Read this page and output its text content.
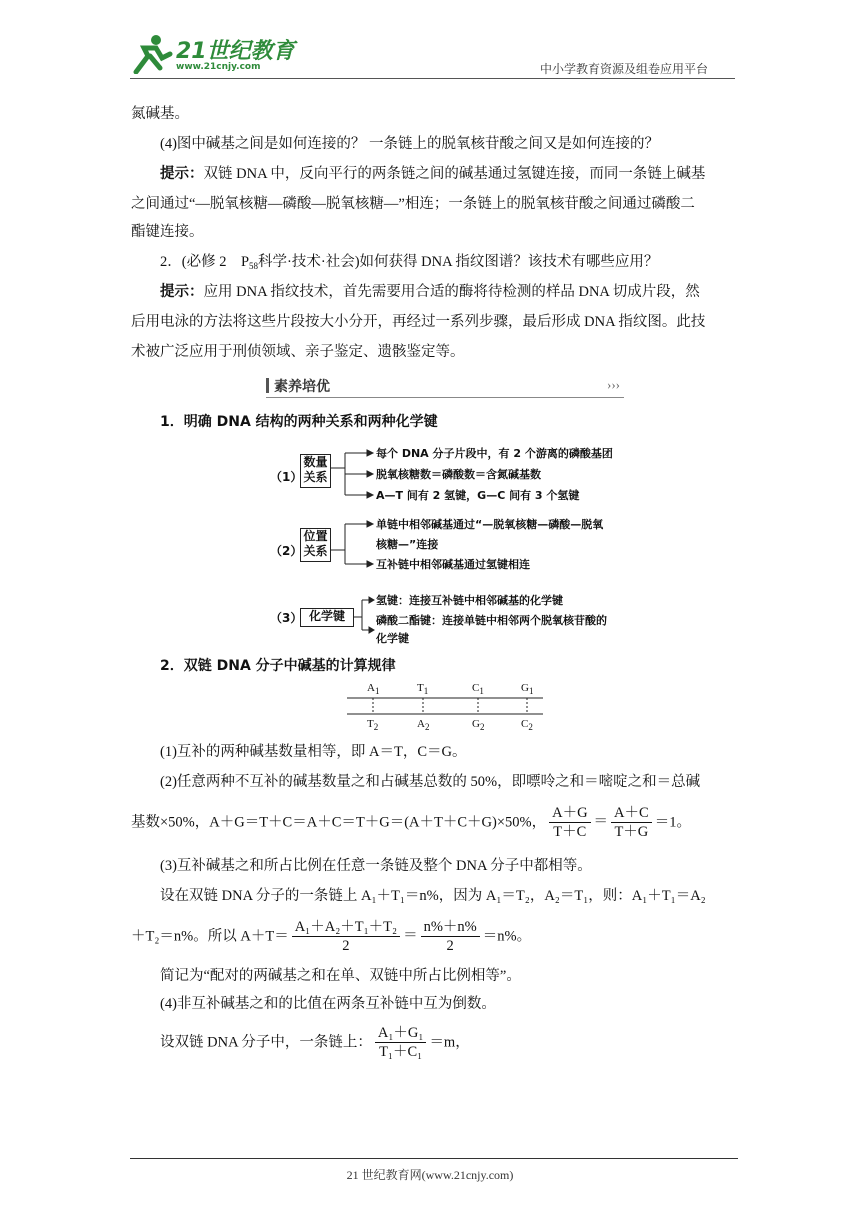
21世纪教育
www.21cnjy.com	中小学教育资源及组卷应用平台
氮碱基。
(4)图中碱基之间是如何连接的？ 一条链上的脱氧核苷酸之间又是如何连接的？
提示：双链 DNA 中，反向平行的两条链之间的碱基通过氢键连接，而同一条链上碱基
之间通过“—脱氧核糖—磷酸—脱氧核糖—”相连；一条链上的脱氧核苷酸之间通过磷酸二
酯键连接。
2．(必修 2　$P_{58}$科学·技术·社会)如何获得 DNA 指纹图谱？该技术有哪些应用？
提示：应用 DNA 指纹技术，首先需要用合适的酶将待检测的样品 DNA 切成片段，然
后用电泳的方法将这些片段按大小分开，再经过一系列步骤，最后形成 DNA 指纹图。此技
术被广泛应用于刑侦领域、亲子鉴定、遗骸鉴定等。
素养培优	›››
1．明确 DNA 结构的两种关系和两种化学键
（1）
数量关系
每个 DNA 分子片段中，有 2 个游离的磷酸基团
脱氧核糖数＝磷酸数＝含氮碱基数
A—T 间有 2 氢键，G—C 间有 3 个氢键
（2）
位置关系
单链中相邻碱基通过“—脱氧核糖—磷酸—脱氧
核糖—”连接
互补链中相邻碱基通过氢键相连
（3） 化学键
氢键：连接互补链中相邻碱基的化学键
磷酸二酯键：连接单链中相邻两个脱氧核苷酸的
化学键
2．双链 DNA 分子中碱基的计算规律
$A_1$	$T_1$	$C_1$	$G_1$
$T_2$	$A_2$	$G_2$	$C_2$
(1)互补的两种碱基数量相等，即 A＝T，C＝G。
(2)任意两种不互补的碱基数量之和占碱基总数的 50%，即嘌呤之和＝嘧啶之和＝总碱
基数×50%，A＋G＝T＋C＝A＋C＝T＋G＝(A＋T＋C＋G)×50%， $\frac{A+G}{T+C} = \frac{A+C}{T+G} =1$。
(3)互补碱基之和所占比例在任意一条链及整个 DNA 分子中都相等。
设在双链 DNA 分子的一条链上 A₁＋T₁＝n%，因为 A₁＝T₂，A₂＝T₁，则：A₁＋T₁＝A₂
＋T₂＝n%。所以 $A+T= \frac{\text{A₁＋A₂＋T₁＋T₂}}{2} = \frac{n\%+n\%}{2} =n\%$。
简记为“配对的两碱基之和在单、双链中所占比例相等”。
(4)非互补碱基之和的比值在两条互补链中互为倒数。
设双链 DNA 分子中，一条链上： $\frac{\text{A₁＋G₁}}{\text{T₁＋C₁}} =m$，
21 世纪教育网(www.21cnjy.com)
